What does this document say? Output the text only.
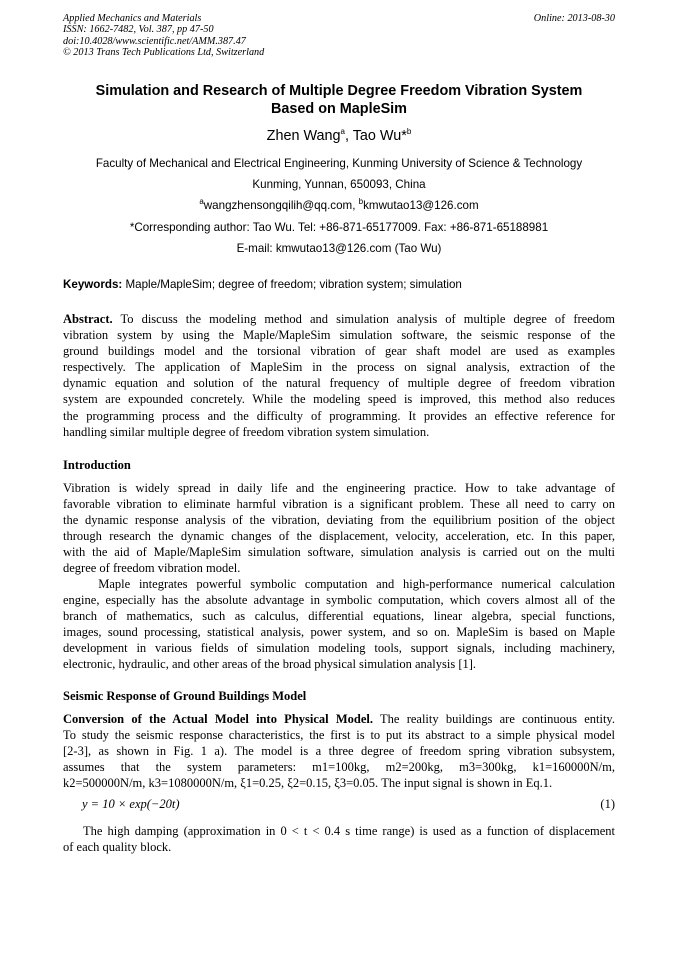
Applied Mechanics and Materials
ISSN: 1662-7482, Vol. 387, pp 47-50
doi:10.4028/www.scientific.net/AMM.387.47
© 2013 Trans Tech Publications Ltd, Switzerland
Online: 2013-08-30
Simulation and Research of Multiple Degree Freedom Vibration System
Based on MapleSim
Zhen Wang$^a$, Tao Wu*$^b$
Faculty of Mechanical and Electrical Engineering, Kunming University of Science & Technology
Kunming, Yunnan, 650093, China
$^a$wangzhensongqilih@qq.com, $^b$kmwutao13@126.com
*Corresponding author: Tao Wu. Tel: +86-871-65177009. Fax: +86-871-65188981
E-mail: kmwutao13@126.com (Tao Wu)
Keywords: Maple/MapleSim; degree of freedom; vibration system; simulation
Abstract. To discuss the modeling method and simulation analysis of multiple degree of freedom
vibration system by using the Maple/MapleSim simulation software, the seismic response of the
ground buildings model and the torsional vibration of gear shaft model are used as examples
respectively. The application of MapleSim in the process on signal analysis, extraction of the
dynamic equation and solution of the natural frequency of multiple degree of freedom vibration
system are expounded concretely. While the modeling speed is improved, this method also reduces
the programming process and the difficulty of programming. It provides an effective reference for
handling similar multiple degree of freedom vibration system simulation.
Introduction
Vibration is widely spread in daily life and the engineering practice. How to take advantage of
favorable vibration to eliminate harmful vibration is a significant problem. These all need to carry on
the dynamic response analysis of the vibration, deviating from the equilibrium position of the object
through research the dynamic changes of the displacement, velocity, acceleration, etc. In this paper,
with the aid of Maple/MapleSim simulation software, simulation analysis is carried out on the multi
degree of freedom vibration model.
Maple integrates powerful symbolic computation and high-performance numerical calculation
engine, especially has the absolute advantage in symbolic computation, which covers almost all of the
branch of mathematics, such as calculus, differential equations, linear algebra, special functions,
images, sound processing, statistical analysis, power system, and so on. MapleSim is based on Maple
development in various fields of simulation modeling tools, support signals, including machinery,
electronic, hydraulic, and other areas of the broad physical simulation analysis [1].
Seismic Response of Ground Buildings Model
Conversion of the Actual Model into Physical Model. The reality buildings are continuous entity.
To study the seismic response characteristics, the first is to put its abstract to a simple physical model
[2-3], as shown in Fig. 1 a). The model is a three degree of freedom spring vibration subsystem,
assumes that the system parameters: m1=100kg, m2=200kg, m3=300kg, k1=160000N/m,
k2=500000N/m, k3=1080000N/m, ξ1=0.25, ξ2=0.15, ξ3=0.05. The input signal is shown in Eq.1.
y = 10 × exp(−20t)	(1)
The high damping (approximation in 0 < t < 0.4 s time range) is used as a function of displacement
of each quality block.
